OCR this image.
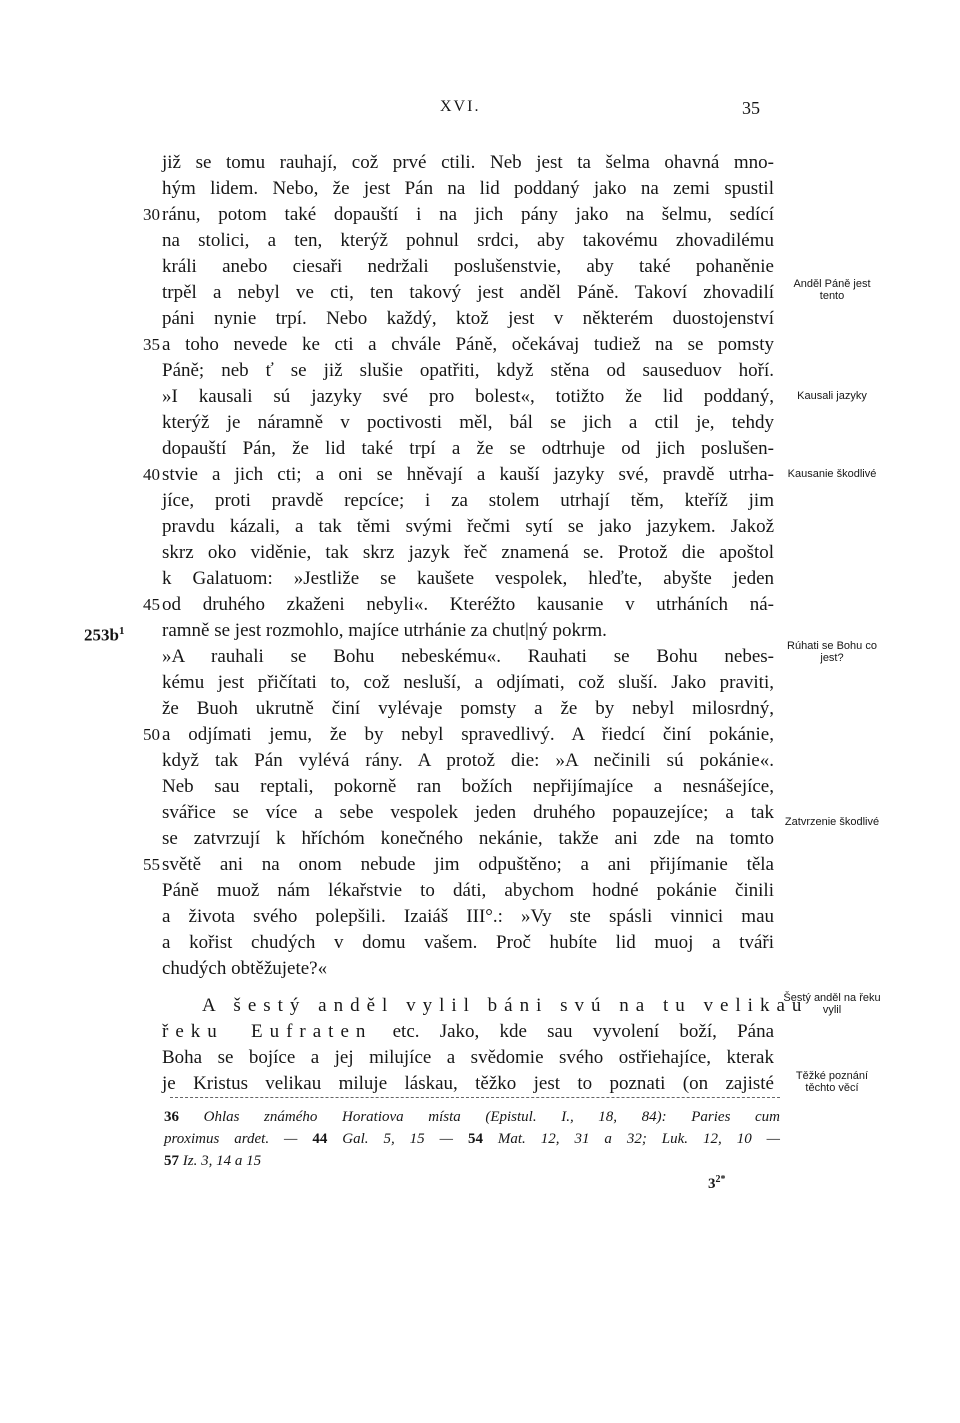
XVI.	35
již se tomu rauhají, což prvé ctili. Neb jest ta šelma ohavná mno-
hým lidem. Nebo, že jest Pán na lid poddaný jako na zemi spustil
ránu, potom také dopauští i na jich pány jako na šelmu, sedící
na stolici, a ten, kterýž pohnul srdci, aby takovému zhovadilému
králi anebo ciesaři nedržali poslušenstvie, aby také pohaněnie
trpěl a nebyl ve cti, ten takový jest anděl Páně. Takoví zhovadilí
páni nynie trpí. Nebo každý, ktož jest v některém duostojenství
a toho nevede ke cti a chvále Páně, očekávaj tudiež na se pomsty
Páně; neb ť se již slušie opatřiti, když stěna od sauseduov hoří.
»I kausali sú jazyky své pro bolest«, totižto že lid poddaný,
kterýž je náramně v poctivosti měl, bál se jich a ctil je, tehdy
dopauští Pán, že lid také trpí a že se odtrhuje od jich poslušen-
stvie a jich cti; a oni se hněvají a kauší jazyky své, pravdě utrha-
jíce, proti pravdě repcíce; i za stolem utrhají těm, kteříž jim
pravdu kázali, a tak těmi svými řečmi sytí se jako jazykem. Jakož
skrz oko viděnie, tak skrz jazyk řeč znamená se. Protož die apoštol
k Galatuom: »Jestliže se kaušete vespolek, hleďte, abyšte jeden
od druhého zkaženi nebyli«. Kteréžto kausanie v utrháních ná-
ramně se jest rozmohlo, majíce utrhánie za chut|ný pokrm.
»A rauhali se Bohu nebeskému«. Rauhati se Bohu nebes-
kému jest přičítati to, což nesluší, a odjímati, což sluší. Jako praviti,
že Buoh ukrutně činí vylévaje pomsty a že by nebyl milosrdný,
a odjímati jemu, že by nebyl spravedlivý. A řiedcí činí pokánie,
když tak Pán vylévá rány. A protož die: »A nečinili sú pokánie«.
Neb sau reptali, pokorně ran božích nepřijímajíce a nesnášejíce,
svářice se více a sebe vespolek jeden druhého popauzejíce; a tak
se zatvrzují k hříchóm konečného nekánie, takže ani zde na tomto
světě ani na onom nebude jim odpuštěno; a ani přijímanie těla
Páně muož nám lékařstvie to dáti, abychom hodné pokánie činili
a života svého polepšili. Izaiáš III°.: »Vy ste spásli vinnici mau
a kořist chudých v domu vašem. Proč hubíte lid muoj a tváři
chudých obtěžujete?«
A šestý anděl vylil báni svú na tu velikau
řeku Eufraten etc. Jako, kde sau vyvolení boží, Pána
Boha se bojíce a jej milujíce a svědomie svého ostřiehajíce, kterak
je Kristus velikau miluje láskau, těžko jest to poznati (on zajisté
30
35
40
45
50
55
$253b^1$
Anděl Páně jest tento
Kausali jazyky
Kausanie škodlivé
Rúhati se Bohu co jest?
Zatvrzenie škodlivé
Šestý anděl na řeku vylil
Těžké poznání těchto věcí
36 Ohlas známého Horatiova místa (Epistul. I., 18, 84): Paries cum
proximus ardet. — 44 Gal. 5, 15 — 54 Mat. 12, 31 a 32; Luk. 12, 10 —
57 Iz. 3, 14 a 15
$3^{2*}$
